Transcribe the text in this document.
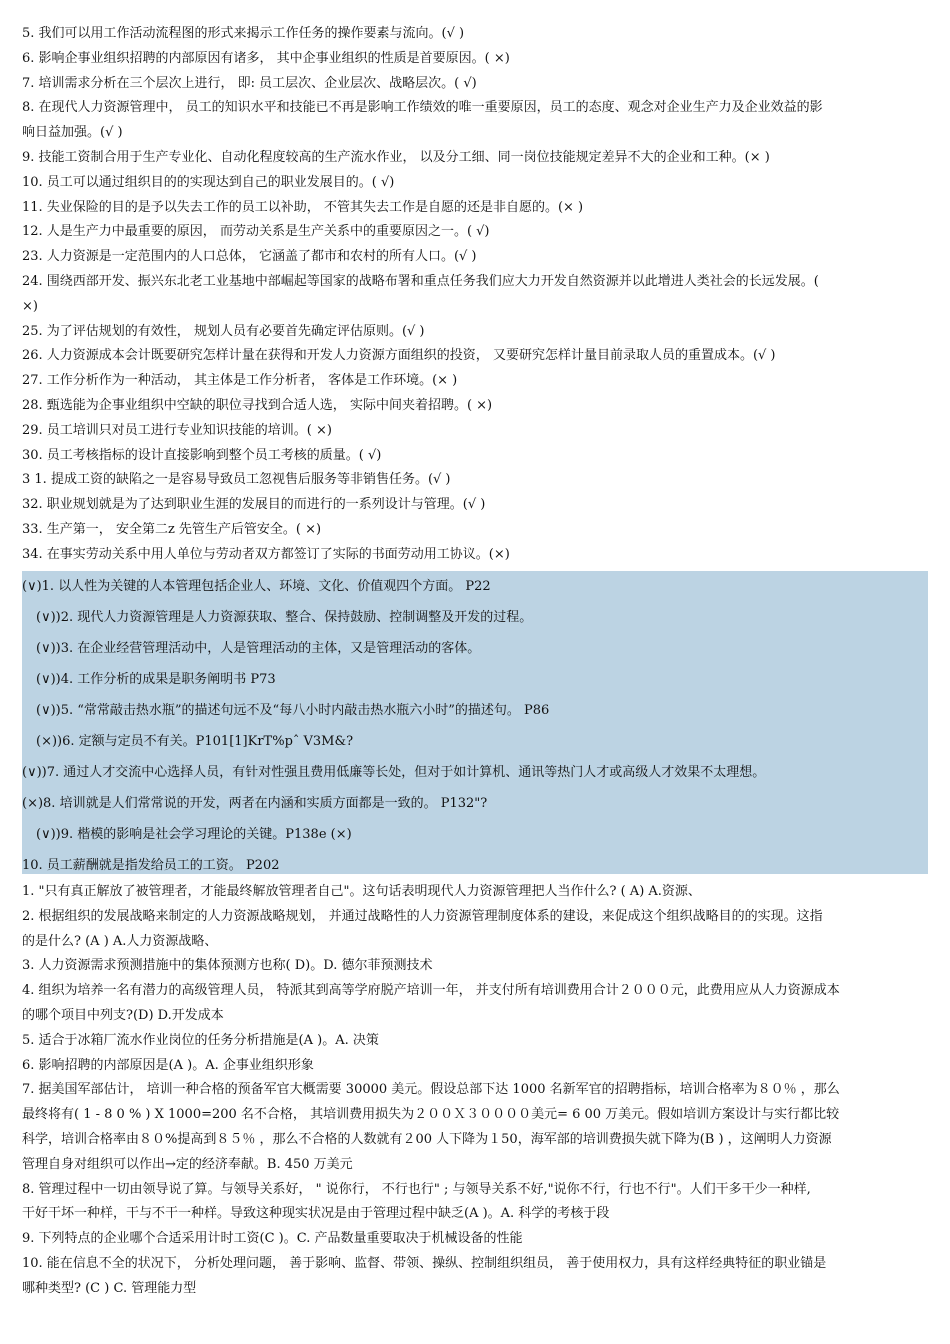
5. 我们可以用工作活动流程图的形式来揭示工作任务的操作要素与流向。(√ )
6. 影响企事业组织招聘的内部原因有诸多， 其中企事业组织的性质是首要原因。( ×)
7. 培训需求分析在三个层次上进行， 即: 员工层次、企业层次、战略层次。( √)
8. 在现代人力资源管理中， 员工的知识水平和技能已不再是影响工作绩效的唯一重要原因，员工的态度、观念对企业生产力及企业效益的影
响日益加强。(√ )
9. 技能工资制合用于生产专业化、自动化程度较高的生产流水作业， 以及分工细、同一岗位技能规定差异不大的企业和工种。(× )
10. 员工可以通过组织目的的实现达到自己的职业发展目的。( √)
11. 失业保险的目的是予以失去工作的员工以补助， 不管其失去工作是自愿的还是非自愿的。(× )
12. 人是生产力中最重要的原因， 而劳动关系是生产关系中的重要原因之一。( √)
23. 人力资源是一定范围内的人口总体， 它涵盖了都市和农村的所有人口。(√ )
24. 围绕西部开发、振兴东北老工业基地中部崛起等国家的战略布署和重点任务我们应大力开发自然资源并以此增进人类社会的长远发展。(
×)
25. 为了评估规划的有效性， 规划人员有必要首先确定评估原则。(√ )
26. 人力资源成本会计既要研究怎样计量在获得和开发人力资源方面组织的投资， 又要研究怎样计量目前录取人员的重置成本。(√ )
27. 工作分析作为一种活动， 其主体是工作分析者， 客体是工作环境。(× )
28. 甄选能为企事业组织中空缺的职位寻找到合适人选， 实际中间夹着招聘。( ×)
29. 员工培训只对员工进行专业知识技能的培训。( ×)
30. 员工考核指标的设计直接影响到整个员工考核的质量。( √)
3 1. 提成工资的缺陷之一是容易导致员工忽视售后服务等非销售任务。(√ )
32. 职业规划就是为了达到职业生涯的发展目的而进行的一系列设计与管理。(√ )
33. 生产第一， 安全第二z 先管生产后管安全。( ×)
34. 在事实劳动关系中用人单位与劳动者双方都签订了实际的书面劳动用工协议。(×)
(∨)1. 以人性为关键的人本管理包括企业人、环境、文化、价值观四个方面。 P22
(∨))2. 现代人力资源管理是人力资源获取、整合、保持鼓励、控制调整及开发的过程。
(∨))3. 在企业经营管理活动中，人是管理活动的主体，又是管理活动的客体。
(∨))4. 工作分析的成果是职务阐明书 P73
(∨))5. “常常敲击热水瓶”的描述句远不及“每八小时内敲击热水瓶六小时”的描述句。 P86
(×))6. 定额与定员不有关。P101[1]KrT%pˆ V3M&?
(∨))7. 通过人才交流中心选择人员，有针对性强且费用低廉等长处，但对于如计算机、通讯等热门人才或高级人才效果不太理想。
(×)8. 培训就是人们常常说的开发，两者在内涵和实质方面都是一致的。 P132"?
(∨))9. 楷模的影响是社会学习理论的关键。P138e (×)
10. 员工薪酬就是指发给员工的工资。 P202
1. "只有真正解放了被管理者，才能最终解放管理者自己"。这句话表明现代人力资源管理把人当作什么? ( A) A.资源、
2. 根据组织的发展战略来制定的人力资源战略规划， 并通过战略性的人力资源管理制度体系的建设，来促成这个组织战略目的的实现。这指
的是什么? (A ) A.人力资源战略、
3. 人力资源需求预测措施中的集体预测方也称( D)。D. 德尔菲预测技术
4. 组织为培养一名有潜力的高级管理人员， 特派其到高等学府脱产培训一年， 并支付所有培训费用合计２０００元，此费用应从人力资源成本
的哪个项目中列支?(D) D.开发成本
5. 适合于冰箱厂流水作业岗位的任务分析措施是(A )。A. 决策
6. 影响招聘的内部原因是(A )。A. 企事业组织形象
7. 据美国军部估计， 培训一种合格的预备军官大概需要 30000 美元。假设总部下达 1000 名新军官的招聘指标，培训合格率为８０％ ，那么
最终将有( 1 - 8 0 % ) X 1000=200 名不合格， 其培训费用损失为２００Ｘ３００００美元= 6 00 万美元。假如培训方案设计与实行都比较
科学，培训合格率由８０%提高到８５％ ，那么不合格的人数就有２00 人下降为１50，海军部的培训费损失就下降为(B ) ，这阐明人力资源
管理自身对组织可以作出→定的经济奉献。B. 450 万美元
8. 管理过程中一切由领导说了算。与领导关系好， " 说你行， 不行也行" ; 与领导关系不好,"说你不行，行也不行"。人们干多干少一种样,
干好干坏一种样，干与不干一种样。导致这种现实状况是由于管理过程中缺乏(A )。A. 科学的考核于段
9. 下列特点的企业哪个合适采用计时工资(C )。C. 产品数量重要取决于机械设备的性能
10. 能在信息不全的状况下， 分析处理问题， 善于影响、监督、带领、操纵、控制组织组员， 善于使用权力，具有这样经典特征的职业锚是
哪种类型? (C ) C. 管理能力型
